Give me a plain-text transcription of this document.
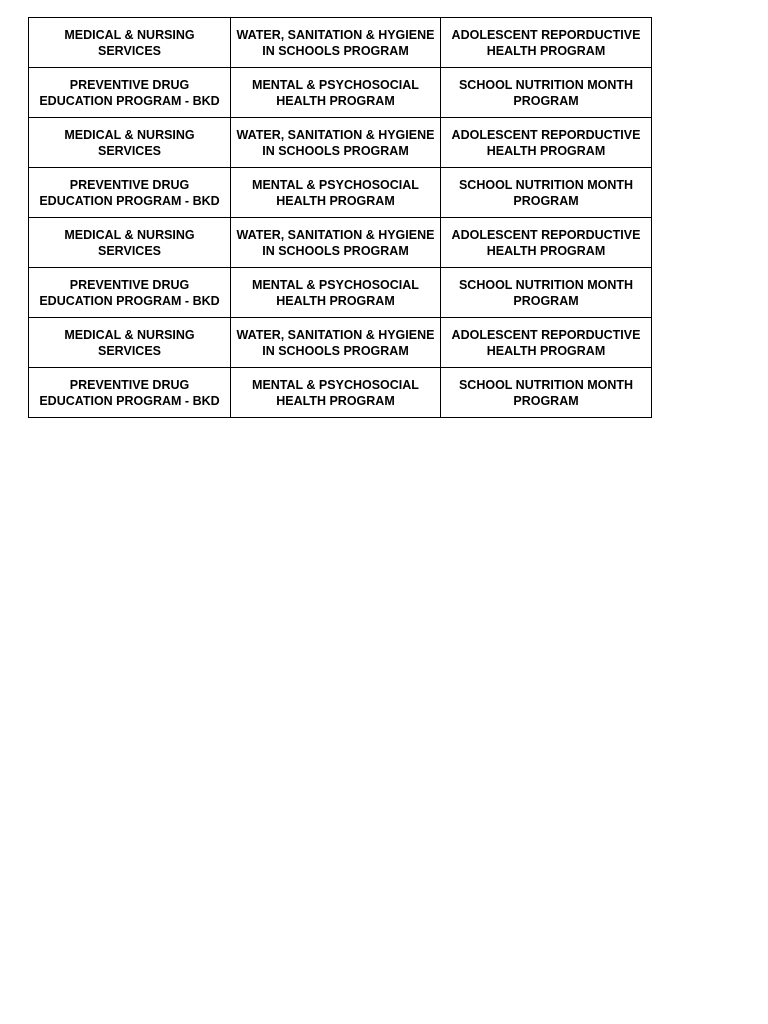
MEDICAL & NURSING SERVICES	WATER, SANITATION & HYGIENE IN SCHOOLS PROGRAM	ADOLESCENT REPORDUCTIVE HEALTH PROGRAM

PREVENTIVE DRUG EDUCATION PROGRAM - BKD	MENTAL & PSYCHOSOCIAL HEALTH PROGRAM	SCHOOL NUTRITION MONTH PROGRAM

MEDICAL & NURSING SERVICES	WATER, SANITATION & HYGIENE IN SCHOOLS PROGRAM	ADOLESCENT REPORDUCTIVE HEALTH PROGRAM

PREVENTIVE DRUG EDUCATION PROGRAM - BKD	MENTAL & PSYCHOSOCIAL HEALTH PROGRAM	SCHOOL NUTRITION MONTH PROGRAM

MEDICAL & NURSING SERVICES	WATER, SANITATION & HYGIENE IN SCHOOLS PROGRAM	ADOLESCENT REPORDUCTIVE HEALTH PROGRAM

PREVENTIVE DRUG EDUCATION PROGRAM - BKD	MENTAL & PSYCHOSOCIAL HEALTH PROGRAM	SCHOOL NUTRITION MONTH PROGRAM

MEDICAL & NURSING SERVICES	WATER, SANITATION & HYGIENE IN SCHOOLS PROGRAM	ADOLESCENT REPORDUCTIVE HEALTH PROGRAM

PREVENTIVE DRUG EDUCATION PROGRAM - BKD	MENTAL & PSYCHOSOCIAL HEALTH PROGRAM	SCHOOL NUTRITION MONTH PROGRAM
